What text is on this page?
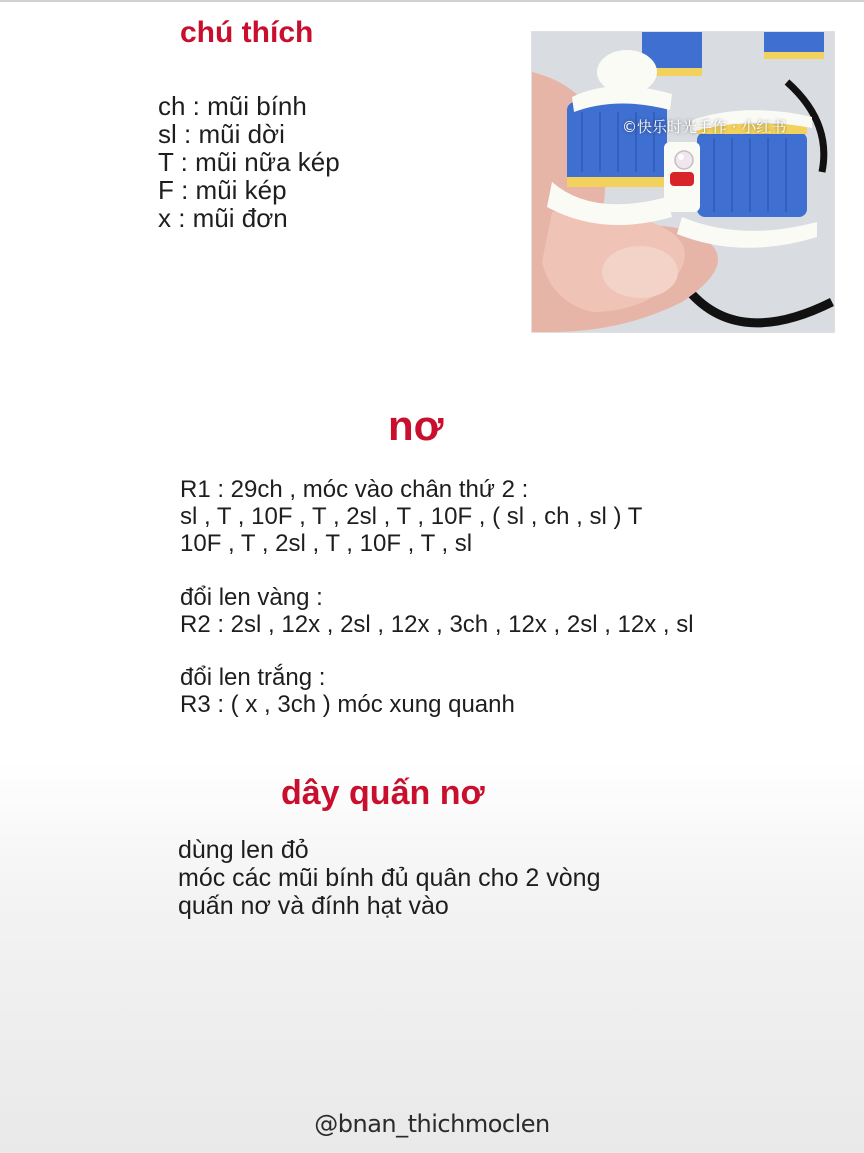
chú thích
ch : mũi bính
sl : mũi dời
T : mũi nữa kép
F : mũi kép
x : mũi đơn
©快乐时光手作 · 小红书
nơ
R1 : 29ch , móc vào chân thứ 2 :
sl , T , 10F , T , 2sl , T , 10F , ( sl , ch , sl ) T
10F , T , 2sl , T , 10F , T , sl
đổi len vàng :
R2 : 2sl , 12x , 2sl , 12x , 3ch , 12x , 2sl , 12x , sl
đổi len trắng :
R3 : ( x , 3ch ) móc xung quanh
dây quấn nơ
dùng len đỏ
móc các mũi bính đủ quân cho 2 vòng
quấn nơ và đính hạt vào
@bnan_thichmoclen
